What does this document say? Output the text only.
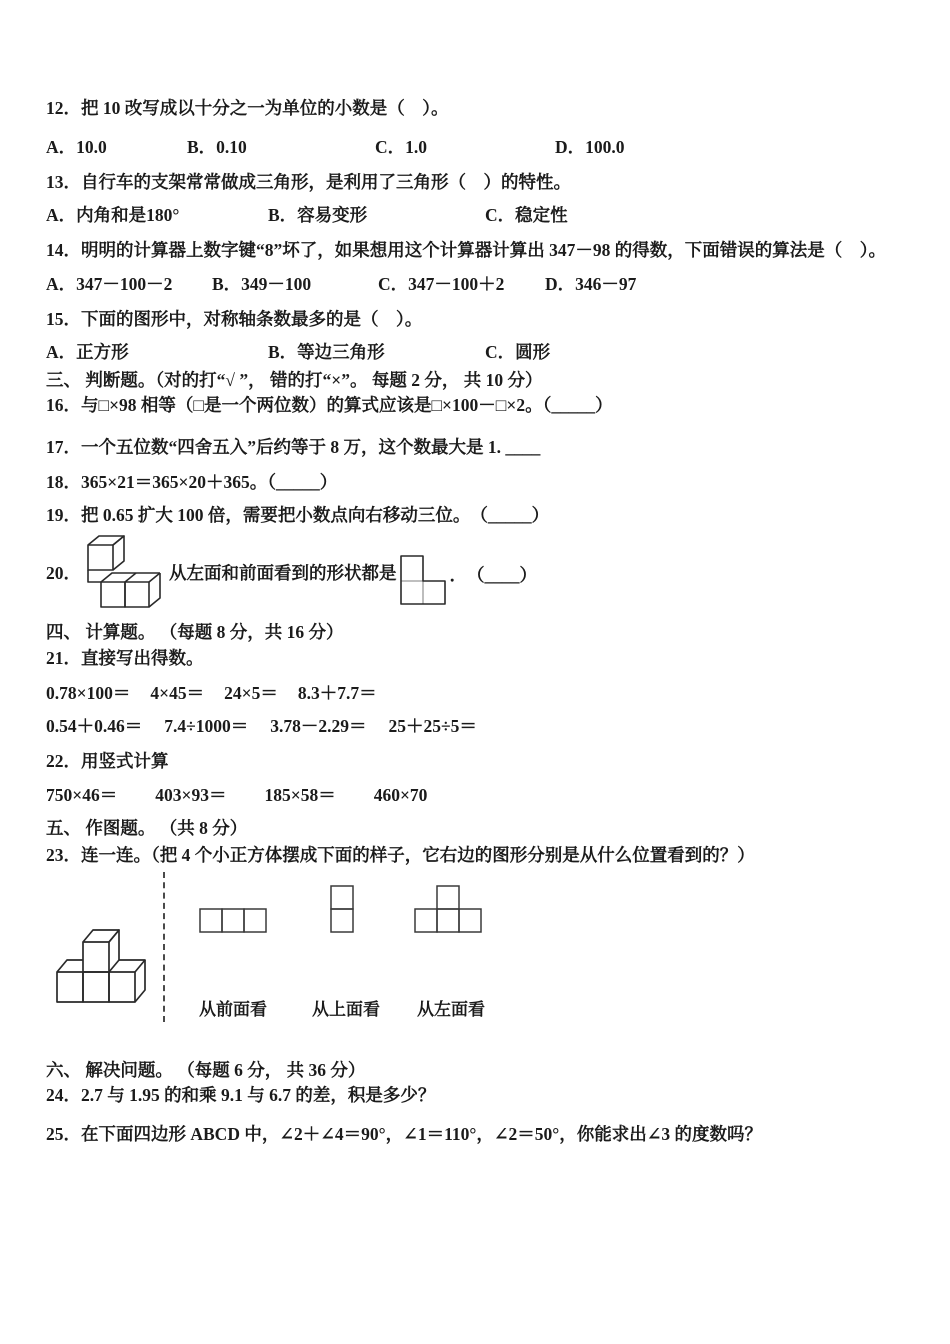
12．把 10 改写成以十分之一为单位的小数是（　）。
A．10.0	B．0.10	C．1.0	D．100.0
13．自行车的支架常常做成三角形，是利用了三角形（　）的特性。
A．内角和是180°	B．容易变形	C．稳定性
14．明明的计算器上数字键“8”坏了，如果想用这个计算器计算出 347－98 的得数，下面错误的算法是（　）。
A．347－100－2	B．349－100	C．347－100＋2	D．346－97
15．下面的图形中，对称轴条数最多的是（　）。
A．正方形	B．等边三角形	C．圆形
三、 判断题。（对的打“√ ”， 错的打“×”。 每题 2 分， 共 10 分）
16．与□×98 相等（□是一个两位数）的算式应该是□×100－□×2。（_____）
17．一个五位数“四舍五入”后约等于 8 万，这个数最大是 1. ____
18．365×21＝365×20＋365。（_____）
19．把 0.65 扩大 100 倍，需要把小数点向右移动三位。　（_____）
20．	从左面和前面看到的形状都是	．　（____）
四、 计算题。 （每题 8 分，共 16 分）
21．直接写出得数。
0.78×100＝ 4×45＝ 24×5＝ 8.3＋7.7＝
0.54＋0.46＝ 7.4÷1000＝ 3.78－2.29＝ 25＋25÷5＝
22．用竖式计算
750×46＝ 403×93＝ 185×58＝ 460×70
五、 作图题。 （共 8 分）
23．连一连。（把 4 个小正方体摆成下面的样子，它右边的图形分别是从什么位置看到的？）
从前面看	从上面看 从左面看
六、 解决问题。 （每题 6 分， 共 36 分）
24．2.7 与 1.95 的和乘 9.1 与 6.7 的差，积是多少？
25．在下面四边形 ABCD 中，∠2＋∠4＝90°，∠1＝110°，∠2＝50°，你能求出∠3 的度数吗？
